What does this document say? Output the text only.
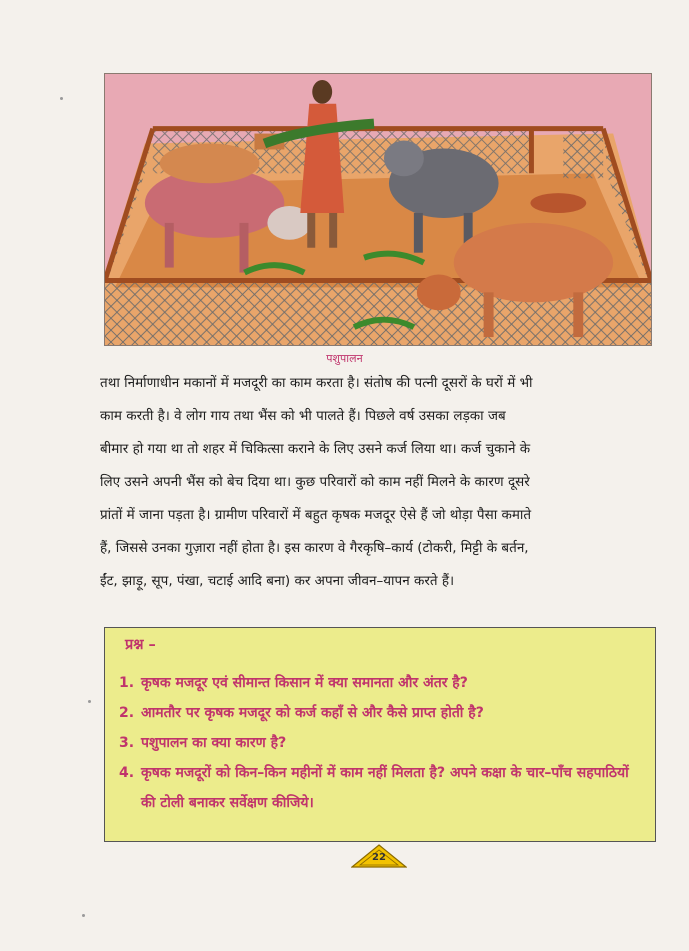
पशुपालन
तथा निर्माणाधीन मकानों में मजदूरी का काम करता है। संतोष की पत्नी दूसरों के घरों में भी
काम करती है। वे लोग गाय तथा भैंस को भी पालते हैं। पिछले वर्ष उसका लड़का जब
बीमार हो गया था तो शहर में चिकित्सा कराने के लिए उसने कर्ज लिया था। कर्ज चुकाने के
लिए उसने अपनी भैंस को बेच दिया था। कुछ परिवारों को काम नहीं मिलने के कारण दूसरे
प्रांतों में जाना पड़ता है। ग्रामीण परिवारों में बहुत कृषक मजदूर ऐसे हैं जो थोड़ा पैसा कमाते
हैं, जिससे उनका गुज़ारा नहीं होता है। इस कारण वे गैरकृषि–कार्य (टोकरी, मिट्टी के बर्तन,
ईंट, झाड़ू, सूप, पंखा, चटाई आदि बना) कर अपना जीवन–यापन करते हैं।
प्रश्न –
1. कृषक मजदूर एवं सीमान्त किसान में क्या समानता और अंतर है?
2. आमतौर पर कृषक मजदूर को कर्ज कहाँ से और कैसे प्राप्त होती है?
3. पशुपालन का क्या कारण है?
4. कृषक मजदूरों को किन–किन महीनों में काम नहीं मिलता है? अपने कक्षा के चार–पाँच सहपाठियों की टोली बनाकर सर्वेक्षण कीजिये।
22
